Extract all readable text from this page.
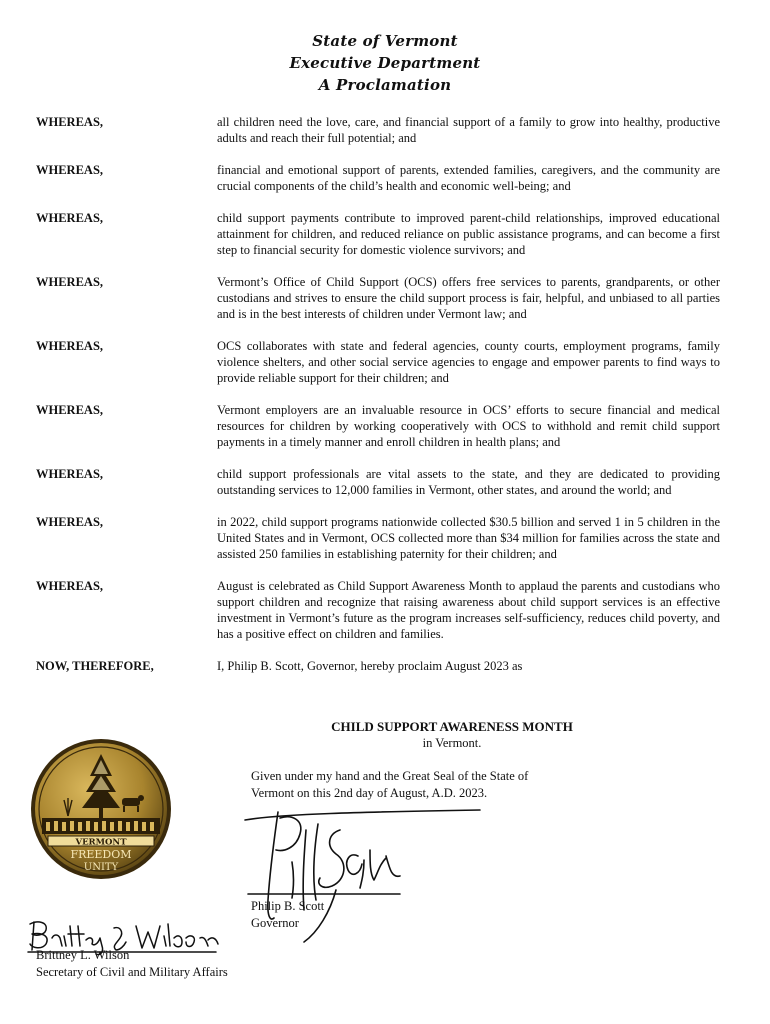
State of Vermont
Executive Department
A Proclamation
WHEREAS,	all children need the love, care, and financial support of a family to grow into healthy, productive adults and reach their full potential; and
WHEREAS,	financial and emotional support of parents, extended families, caregivers, and the community are crucial components of the child’s health and economic well-being; and
WHEREAS,	child support payments contribute to improved parent-child relationships, improved educational attainment for children, and reduced reliance on public assistance programs, and can become a first step to financial security for domestic violence survivors; and
WHEREAS,	Vermont’s Office of Child Support (OCS) offers free services to parents, grandparents, or other custodians and strives to ensure the child support process is fair, helpful, and unbiased to all parties and is in the best interests of children under Vermont law; and
WHEREAS,	OCS collaborates with state and federal agencies, county courts, employment programs, family violence shelters, and other social service agencies to engage and empower parents to find ways to provide reliable support for their children; and
WHEREAS,	Vermont employers are an invaluable resource in OCS’ efforts to secure financial and medical resources for children by working cooperatively with OCS to withhold and remit child support payments in a timely manner and enroll children in health plans; and
WHEREAS,	child support professionals are vital assets to the state, and they are dedicated to providing outstanding services to 12,000 families in Vermont, other states, and around the world; and
WHEREAS,	in 2022, child support programs nationwide collected $30.5 billion and served 1 in 5 children in the United States and in Vermont, OCS collected more than $34 million for families across the state and assisted 250 families in establishing paternity for their children; and
WHEREAS,	August is celebrated as Child Support Awareness Month to applaud the parents and custodians who support children and recognize that raising awareness about child support services is an effective investment in Vermont’s future as the program increases self-sufficiency, reduces child poverty, and has a positive effect on children and families.
NOW, THEREFORE,	I, Philip B. Scott, Governor, hereby proclaim August 2023 as
CHILD SUPPORT AWARENESS MONTH
in Vermont.
VERMONT
FREEDOM
UNITY
Given under my hand and the Great Seal of the State of
Vermont on this 2nd day of August, A.D. 2023.
Philip B. Scott
Governor
Brittney L. Wilson
Secretary of Civil and Military Affairs
